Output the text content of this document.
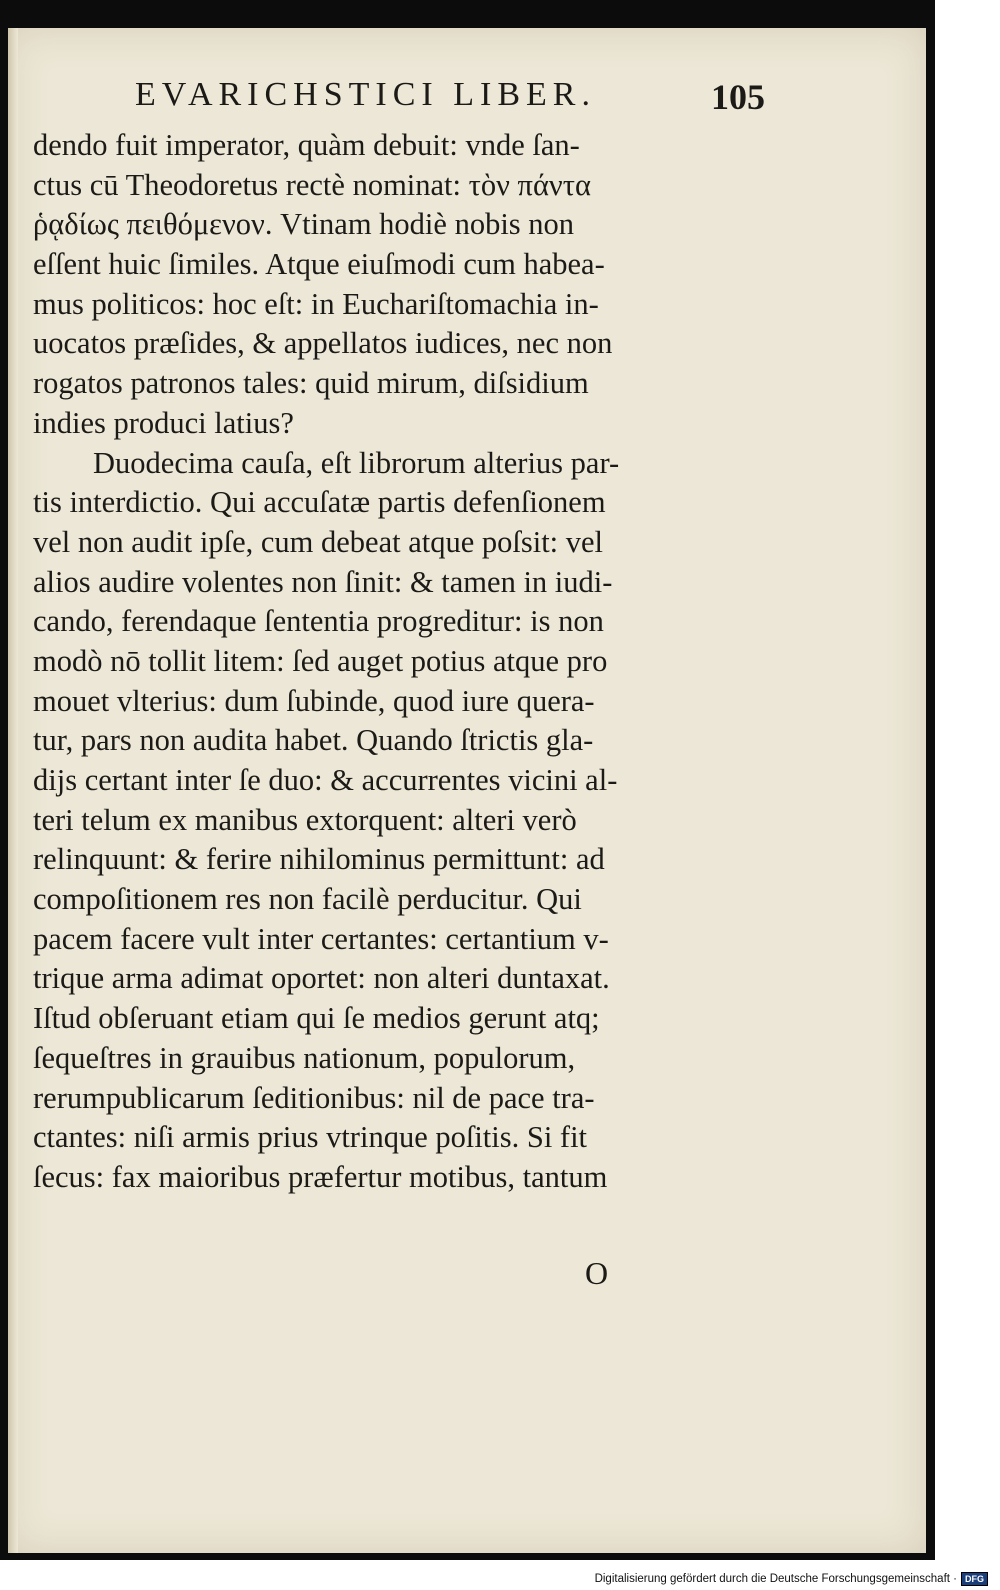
EVARICHSTICI LIBER.	105
dendo fuit imperator, quàm debuit: vnde ſan-
ctus cū Theodoretus rectè nominat: τὸν πάντα
ῥᾳδίως πειθόμενον. Vtinam hodiè nobis non
eſſent huic ſimiles. Atque eiuſmodi cum habea-
mus politicos: hoc eſt: in Euchariſtomachia in-
uocatos præſides, & appellatos iudices, nec non
rogatos patronos tales: quid mirum, diſsidium
indies produci latius?
Duodecima cauſa, eſt librorum alterius par-
tis interdictio. Qui accuſatæ partis defenſionem
vel non audit ipſe, cum debeat atque poſsit: vel
alios audire volentes non ſinit: & tamen in iudi-
cando, ferendaque ſententia progreditur: is non
modò nō tollit litem: ſed auget potius atque pro
mouet vlterius: dum ſubinde, quod iure quera-
tur, pars non audita habet. Quando ſtrictis gla-
dijs certant inter ſe duo: & accurrentes vicini al-
teri telum ex manibus extorquent: alteri verò
relinquunt: & ferire nihilominus permittunt: ad
compoſitionem res non facilè perducitur. Qui
pacem facere vult inter certantes: certantium v-
trique arma adimat oportet: non alteri duntaxat.
Iſtud obſeruant etiam qui ſe medios gerunt atq;
ſequeſtres in grauibus nationum, populorum,
rerumpublicarum ſeditionibus: nil de pace tra-
ctantes: niſi armis prius vtrinque poſitis. Si fit
ſecus: fax maioribus præfertur motibus, tantum
O
Digitalisierung gefördert durch die Deutsche Forschungsgemeinschaft · DFG
